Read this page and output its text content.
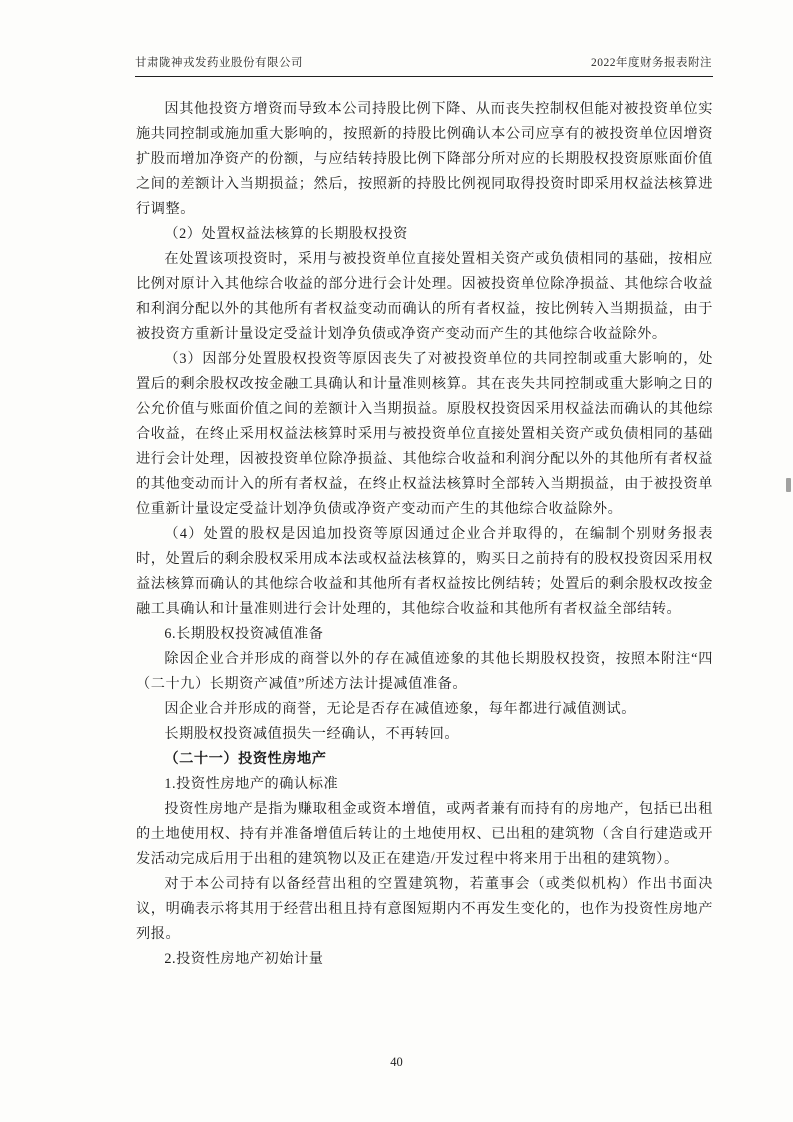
甘肃陇神戎发药业股份有限公司	2022年度财务报表附注

因其他投资方增资而导致本公司持股比例下降、从而丧失控制权但能对被投资单位实施共同控制或施加重大影响的，按照新的持股比例确认本公司应享有的被投资单位因增资扩股而增加净资产的份额，与应结转持股比例下降部分所对应的长期股权投资原账面价值之间的差额计入当期损益；然后，按照新的持股比例视同取得投资时即采用权益法核算进行调整。

（2）处置权益法核算的长期股权投资

在处置该项投资时，采用与被投资单位直接处置相关资产或负债相同的基础，按相应比例对原计入其他综合收益的部分进行会计处理。因被投资单位除净损益、其他综合收益和利润分配以外的其他所有者权益变动而确认的所有者权益，按比例转入当期损益，由于被投资方重新计量设定受益计划净负债或净资产变动而产生的其他综合收益除外。

（3）因部分处置股权投资等原因丧失了对被投资单位的共同控制或重大影响的，处置后的剩余股权改按金融工具确认和计量准则核算。其在丧失共同控制或重大影响之日的公允价值与账面价值之间的差额计入当期损益。原股权投资因采用权益法而确认的其他综合收益，在终止采用权益法核算时采用与被投资单位直接处置相关资产或负债相同的基础进行会计处理，因被投资单位除净损益、其他综合收益和利润分配以外的其他所有者权益的其他变动而计入的所有者权益，在终止权益法核算时全部转入当期损益，由于被投资单位重新计量设定受益计划净负债或净资产变动而产生的其他综合收益除外。

（4）处置的股权是因追加投资等原因通过企业合并取得的，在编制个别财务报表时，处置后的剩余股权采用成本法或权益法核算的，购买日之前持有的股权投资因采用权益法核算而确认的其他综合收益和其他所有者权益按比例结转；处置后的剩余股权改按金融工具确认和计量准则进行会计处理的，其他综合收益和其他所有者权益全部结转。

6.长期股权投资减值准备

除因企业合并形成的商誉以外的存在减值迹象的其他长期股权投资，按照本附注“四（二十九）长期资产减值”所述方法计提减值准备。

因企业合并形成的商誉，无论是否存在减值迹象，每年都进行减值测试。

长期股权投资减值损失一经确认，不再转回。

（二十一）投资性房地产

1.投资性房地产的确认标准

投资性房地产是指为赚取租金或资本增值，或两者兼有而持有的房地产，包括已出租的土地使用权、持有并准备增值后转让的土地使用权、已出租的建筑物（含自行建造或开发活动完成后用于出租的建筑物以及正在建造/开发过程中将来用于出租的建筑物）。

对于本公司持有以备经营出租的空置建筑物，若董事会（或类似机构）作出书面决议，明确表示将其用于经营出租且持有意图短期内不再发生变化的，也作为投资性房地产列报。

2.投资性房地产初始计量

40
